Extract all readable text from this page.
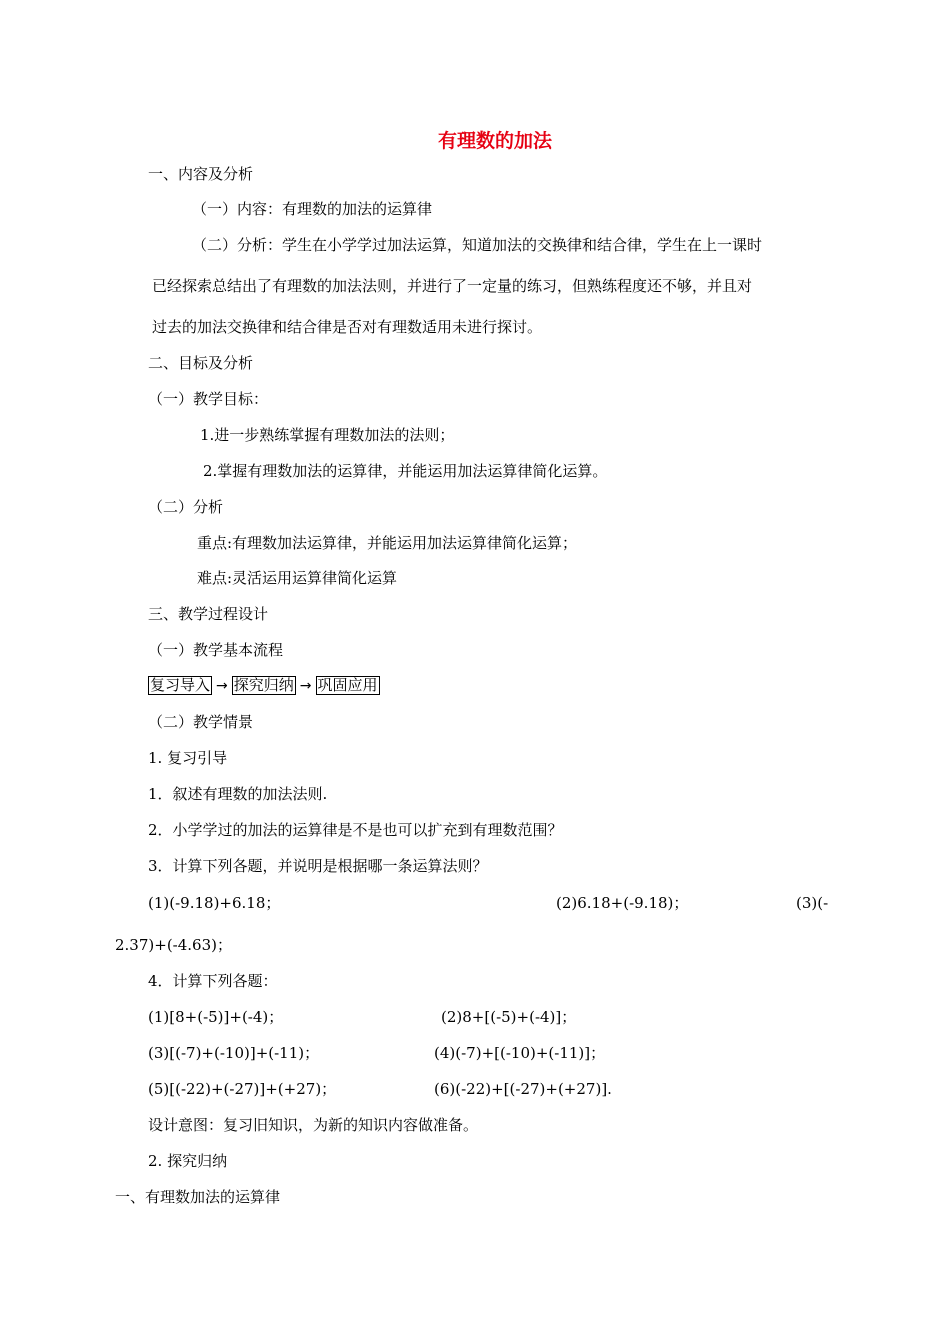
有理数的加法
一、内容及分析
（一）内容：有理数的加法的运算律
（二）分析：学生在小学学过加法运算，知道加法的交换律和结合律，学生在上一课时
已经探索总结出了有理数的加法法则，并进行了一定量的练习，但熟练程度还不够，并且对
过去的加法交换律和结合律是否对有理数适用未进行探讨。
二、目标及分析
（一）教学目标：
1.进一步熟练掌握有理数加法的法则；
2.掌握有理数加法的运算律，并能运用加法运算律简化运算。
（二）分析
重点:有理数加法运算律，并能运用加法运算律简化运算；
难点:灵活运用运算律简化运算
三、教学过程设计
（一）教学基本流程
复习导入 → 探究归纳 → 巩固应用
（二）教学情景
1. 复习引导
1．叙述有理数的加法法则.
2．小学学过的加法的运算律是不是也可以扩充到有理数范围？
3．计算下列各题，并说明是根据哪一条运算法则？
(1)(-9.18)+6.18；	(2)6.18+(-9.18)；	(3)(-
2.37)+(-4.63)；
4．计算下列各题：
(1)[8+(-5)]+(-4)；	(2)8+[(-5)+(-4)]；
(3)[(-7)+(-10)]+(-11)；	(4)(-7)+[(-10)+(-11)]；
(5)[(-22)+(-27)]+(+27)；	(6)(-22)+[(-27)+(+27)].
设计意图：复习旧知识，为新的知识内容做准备。
2. 探究归纳
一、有理数加法的运算律
